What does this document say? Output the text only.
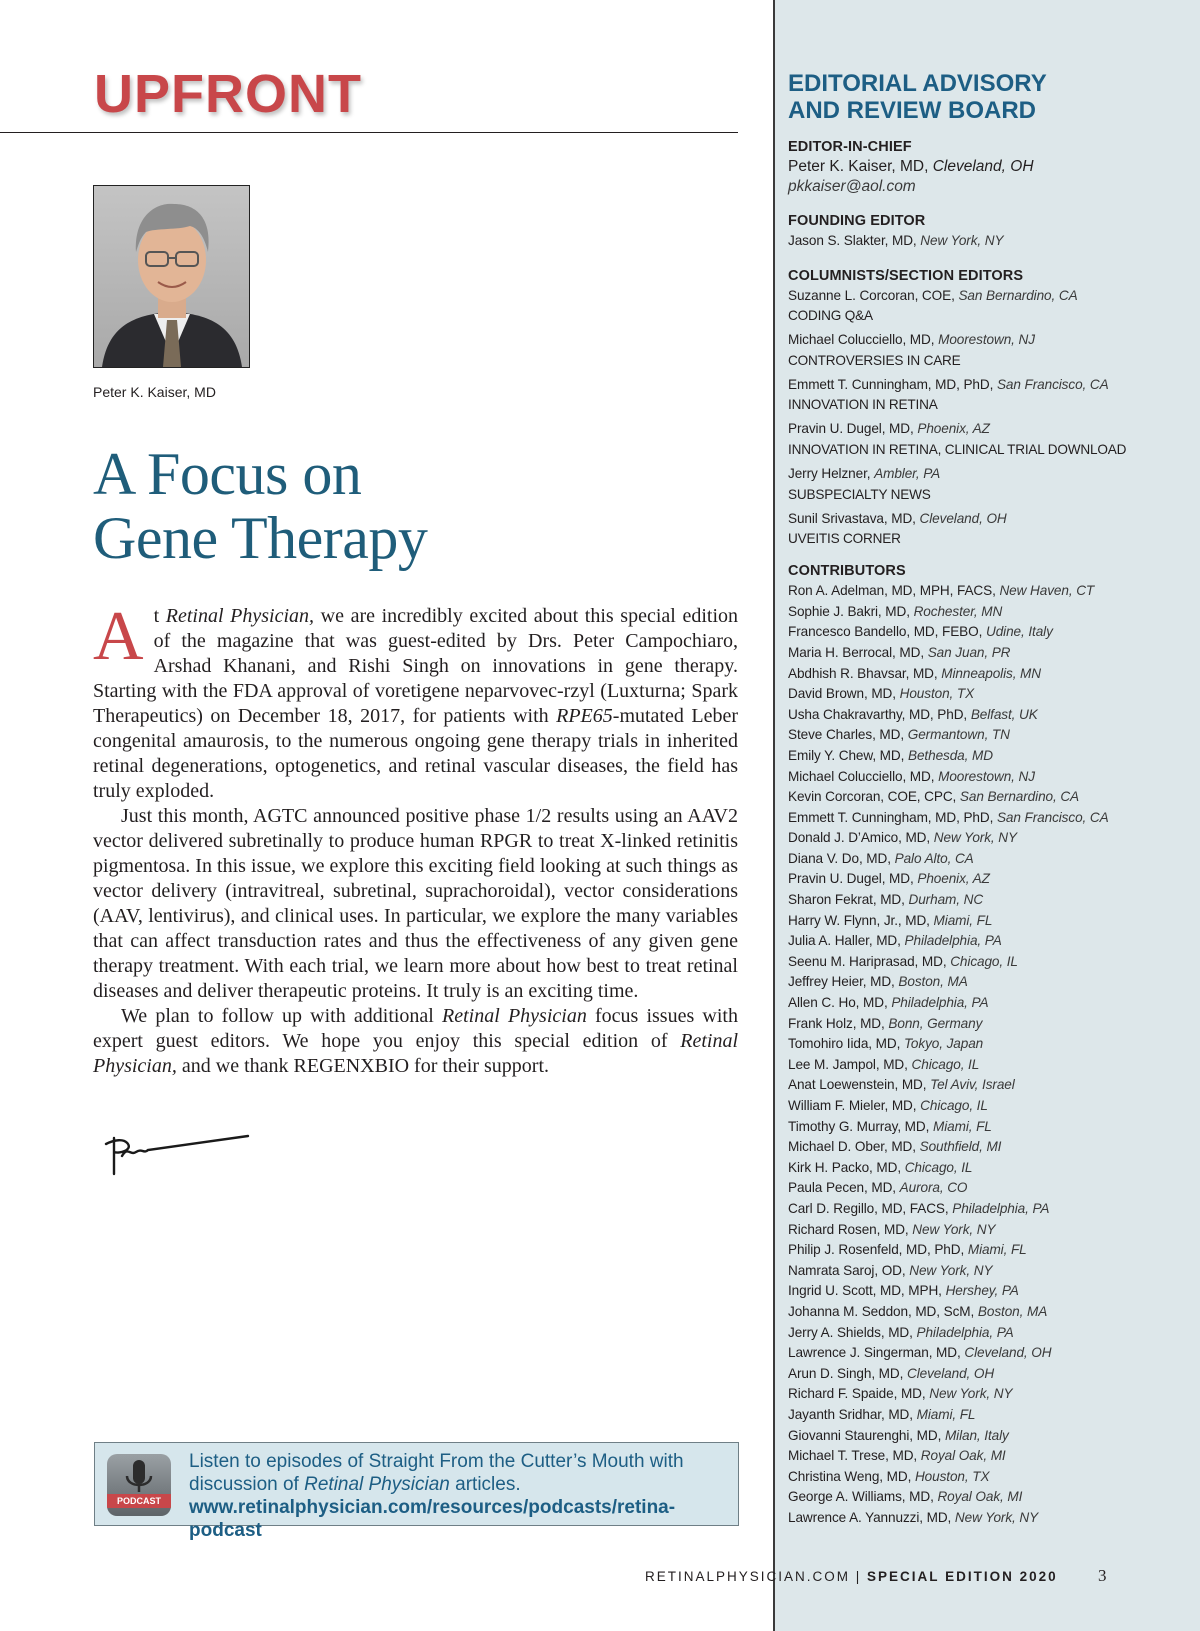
UPFRONT
Peter K. Kaiser, MD
A Focus on
Gene Therapy

A t Retinal Physician, we are incredibly excited about this special edition of the magazine that was guest-edited by Drs. Peter Campochiaro, Arshad Khanani, and Rishi Singh on innovations in gene therapy. Starting with the FDA approval of voretigene neparvovec-rzyl (Luxturna; Spark Therapeutics) on December 18, 2017, for patients with RPE65-mutated Leber congenital amaurosis, to the numerous ongoing gene therapy trials in inherited retinal degenerations, optogenetics, and retinal vascular diseases, the field has truly exploded.

Just this month, AGTC announced positive phase 1/2 results using an AAV2 vector delivered subretinally to produce human RPGR to treat X-linked retinitis pigmentosa. In this issue, we explore this exciting field looking at such things as vector delivery (intravitreal, subretinal, suprachoroidal), vector considerations (AAV, lentivirus), and clinical uses. In particular, we explore the many variables that can affect transduction rates and thus the effectiveness of any given gene therapy treatment. With each trial, we learn more about how best to treat retinal diseases and deliver therapeutic proteins. It truly is an exciting time.

We plan to follow up with additional Retinal Physician focus issues with expert guest editors. We hope you enjoy this special edition of Retinal Physician, and we thank REGENXBIO for their support.

PODCAST
Listen to episodes of Straight From the Cutter’s Mouth with
discussion of Retinal Physician articles.
www.retinalphysician.com/resources/podcasts/retina-podcast
EDITORIAL ADVISORY
AND REVIEW BOARD
EDITOR-IN-CHIEF
Peter K. Kaiser, MD, Cleveland, OH
pkkaiser@aol.com
FOUNDING EDITOR
Jason S. Slakter, MD, New York, NY
COLUMNISTS/SECTION EDITORS
Suzanne L. Corcoran, COE, San Bernardino, CA
CODING Q&A
Michael Colucciello, MD, Moorestown, NJ
CONTROVERSIES IN CARE
Emmett T. Cunningham, MD, PhD, San Francisco, CA
INNOVATION IN RETINA
Pravin U. Dugel, MD, Phoenix, AZ
INNOVATION IN RETINA, CLINICAL TRIAL DOWNLOAD
Jerry Helzner, Ambler, PA
SUBSPECIALTY NEWS
Sunil Srivastava, MD, Cleveland, OH
UVEITIS CORNER
CONTRIBUTORS
Ron A. Adelman, MD, MPH, FACS, New Haven, CT
Sophie J. Bakri, MD, Rochester, MN
Francesco Bandello, MD, FEBO, Udine, Italy
Maria H. Berrocal, MD, San Juan, PR
Abdhish R. Bhavsar, MD, Minneapolis, MN
David Brown, MD, Houston, TX
Usha Chakravarthy, MD, PhD, Belfast, UK
Steve Charles, MD, Germantown, TN
Emily Y. Chew, MD, Bethesda, MD
Michael Colucciello, MD, Moorestown, NJ
Kevin Corcoran, COE, CPC, San Bernardino, CA
Emmett T. Cunningham, MD, PhD, San Francisco, CA
Donald J. D’Amico, MD, New York, NY
Diana V. Do, MD, Palo Alto, CA
Pravin U. Dugel, MD, Phoenix, AZ
Sharon Fekrat, MD, Durham, NC
Harry W. Flynn, Jr., MD, Miami, FL
Julia A. Haller, MD, Philadelphia, PA
Seenu M. Hariprasad, MD, Chicago, IL
Jeffrey Heier, MD, Boston, MA
Allen C. Ho, MD, Philadelphia, PA
Frank Holz, MD, Bonn, Germany
Tomohiro Iida, MD, Tokyo, Japan
Lee M. Jampol, MD, Chicago, IL
Anat Loewenstein, MD, Tel Aviv, Israel
William F. Mieler, MD, Chicago, IL
Timothy G. Murray, MD, Miami, FL
Michael D. Ober, MD, Southfield, MI
Kirk H. Packo, MD, Chicago, IL
Paula Pecen, MD, Aurora, CO
Carl D. Regillo, MD, FACS, Philadelphia, PA
Richard Rosen, MD, New York, NY
Philip J. Rosenfeld, MD, PhD, Miami, FL
Namrata Saroj, OD, New York, NY
Ingrid U. Scott, MD, MPH, Hershey, PA
Johanna M. Seddon, MD, ScM, Boston, MA
Jerry A. Shields, MD, Philadelphia, PA
Lawrence J. Singerman, MD, Cleveland, OH
Arun D. Singh, MD, Cleveland, OH
Richard F. Spaide, MD, New York, NY
Jayanth Sridhar, MD, Miami, FL
Giovanni Staurenghi, MD, Milan, Italy
Michael T. Trese, MD, Royal Oak, MI
Christina Weng, MD, Houston, TX
George A. Williams, MD, Royal Oak, MI
Lawrence A. Yannuzzi, MD, New York, NY
RETINALPHYSICIAN.COM | SPECIAL EDITION 2020	3
